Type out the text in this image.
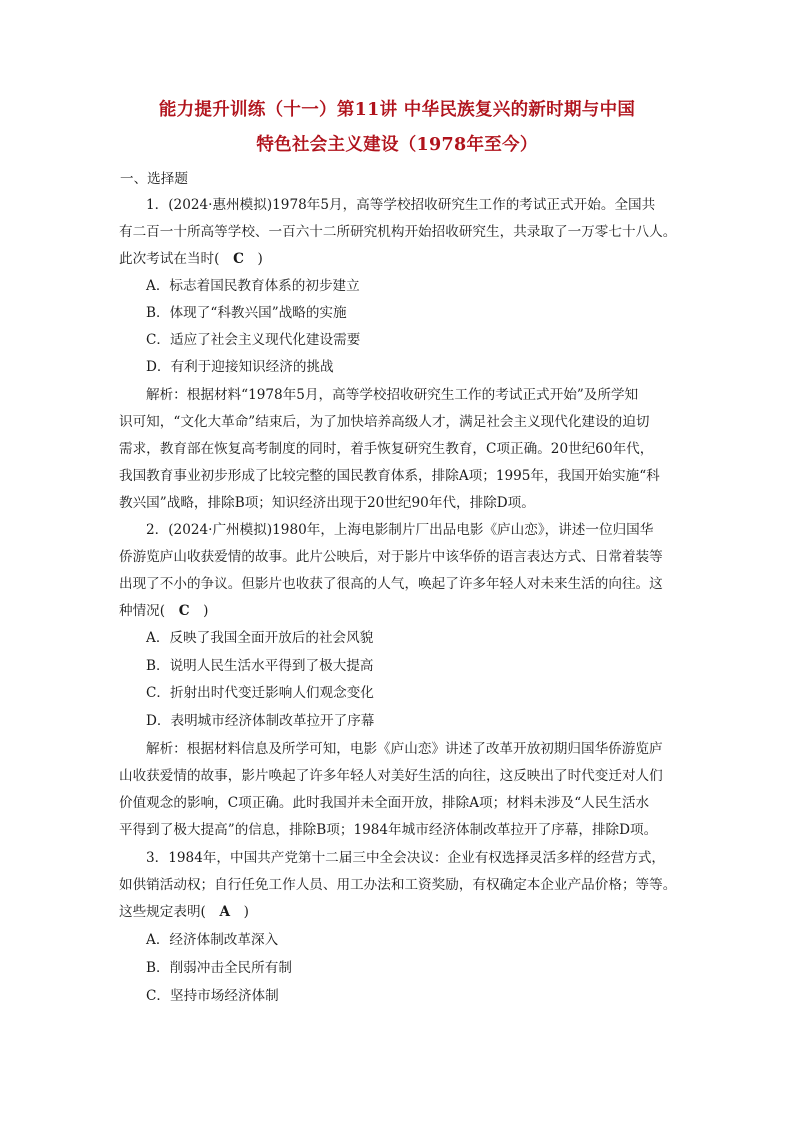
能力提升训练（十一）第11讲 中华民族复兴的新时期与中国
特色社会主义建设（1978年至今）
一、选择题
1．(2024·惠州模拟)1978年5月，高等学校招收研究生工作的考试正式开始。全国共
有二百一十所高等学校、一百六十二所研究机构开始招收研究生，共录取了一万零七十八人。
此次考试在当时(　C　)
A．标志着国民教育体系的初步建立
B．体现了“科教兴国”战略的实施
C．适应了社会主义现代化建设需要
D．有利于迎接知识经济的挑战
解析：根据材料“1978年5月，高等学校招收研究生工作的考试正式开始”及所学知
识可知，“文化大革命”结束后，为了加快培养高级人才，满足社会主义现代化建设的迫切
需求，教育部在恢复高考制度的同时，着手恢复研究生教育，C项正确。20世纪60年代，
我国教育事业初步形成了比较完整的国民教育体系，排除A项；1995年，我国开始实施“科
教兴国”战略，排除B项；知识经济出现于20世纪90年代，排除D项。
2．(2024·广州模拟)1980年，上海电影制片厂出品电影《庐山恋》，讲述一位归国华
侨游览庐山收获爱情的故事。此片公映后，对于影片中该华侨的语言表达方式、日常着装等
出现了不小的争议。但影片也收获了很高的人气，唤起了许多年轻人对未来生活的向往。这
种情况(　C　)
A．反映了我国全面开放后的社会风貌
B．说明人民生活水平得到了极大提高
C．折射出时代变迁影响人们观念变化
D．表明城市经济体制改革拉开了序幕
解析：根据材料信息及所学可知，电影《庐山恋》讲述了改革开放初期归国华侨游览庐
山收获爱情的故事，影片唤起了许多年轻人对美好生活的向往，这反映出了时代变迁对人们
价值观念的影响，C项正确。此时我国并未全面开放，排除A项；材料未涉及“人民生活水
平得到了极大提高”的信息，排除B项；1984年城市经济体制改革拉开了序幕，排除D项。
3．1984年，中国共产党第十二届三中全会决议：企业有权选择灵活多样的经营方式，
如供销活动权；自行任免工作人员、用工办法和工资奖励，有权确定本企业产品价格；等等。
这些规定表明(　A　)
A．经济体制改革深入
B．削弱冲击全民所有制
C．坚持市场经济体制
